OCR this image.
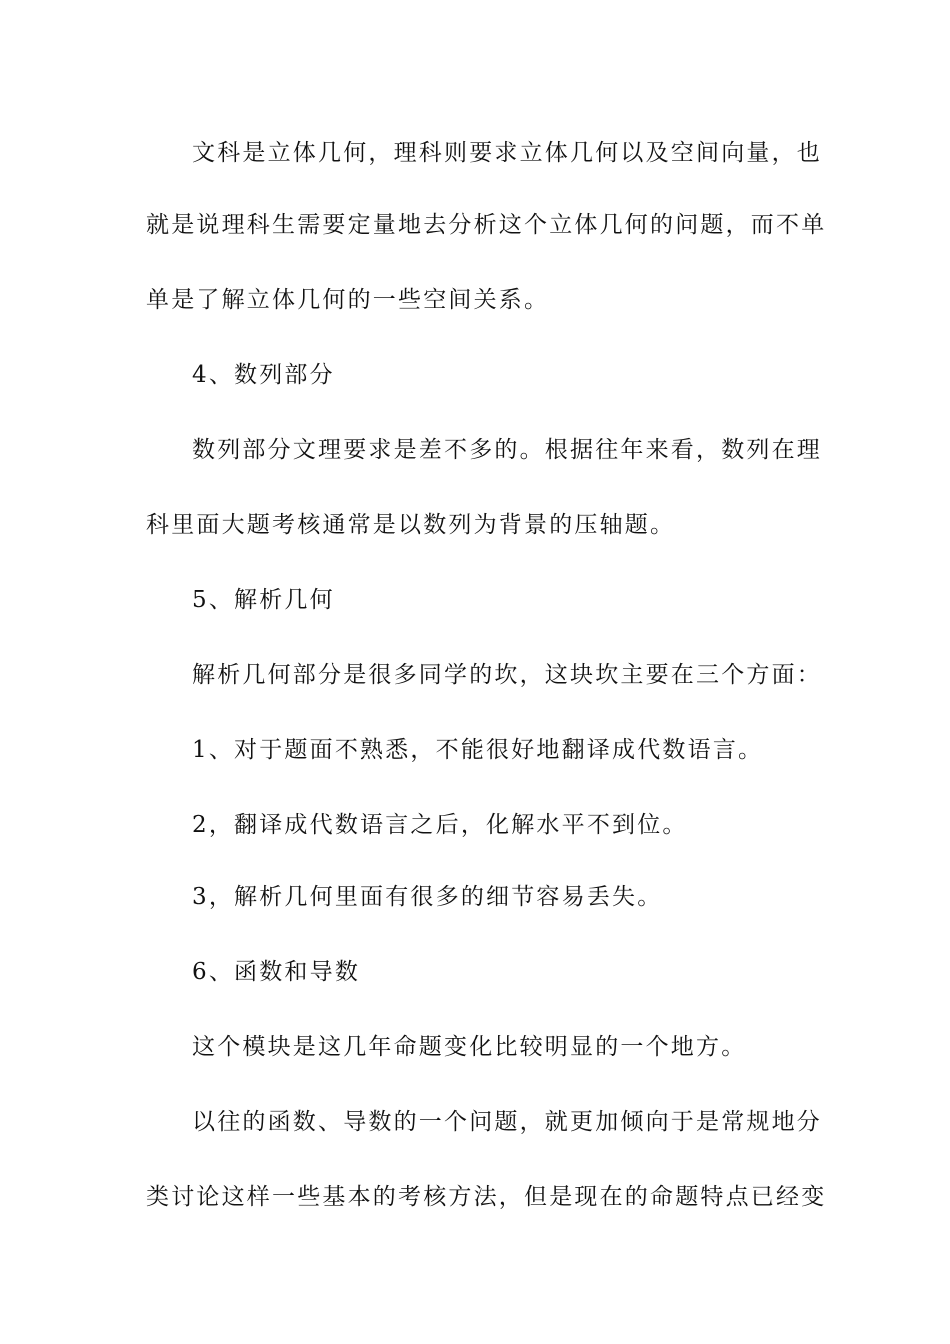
文科是立体几何，理科则要求立体几何以及空间向量，也
就是说理科生需要定量地去分析这个立体几何的问题，而不单
单是了解立体几何的一些空间关系。
4、数列部分
数列部分文理要求是差不多的。根据往年来看，数列在理
科里面大题考核通常是以数列为背景的压轴题。
5、解析几何
解析几何部分是很多同学的坎，这块坎主要在三个方面：
1、对于题面不熟悉，不能很好地翻译成代数语言。
2，翻译成代数语言之后，化解水平不到位。
3，解析几何里面有很多的细节容易丢失。
6、函数和导数
这个模块是这几年命题变化比较明显的一个地方。
以往的函数、导数的一个问题，就更加倾向于是常规地分
类讨论这样一些基本的考核方法，但是现在的命题特点已经变
